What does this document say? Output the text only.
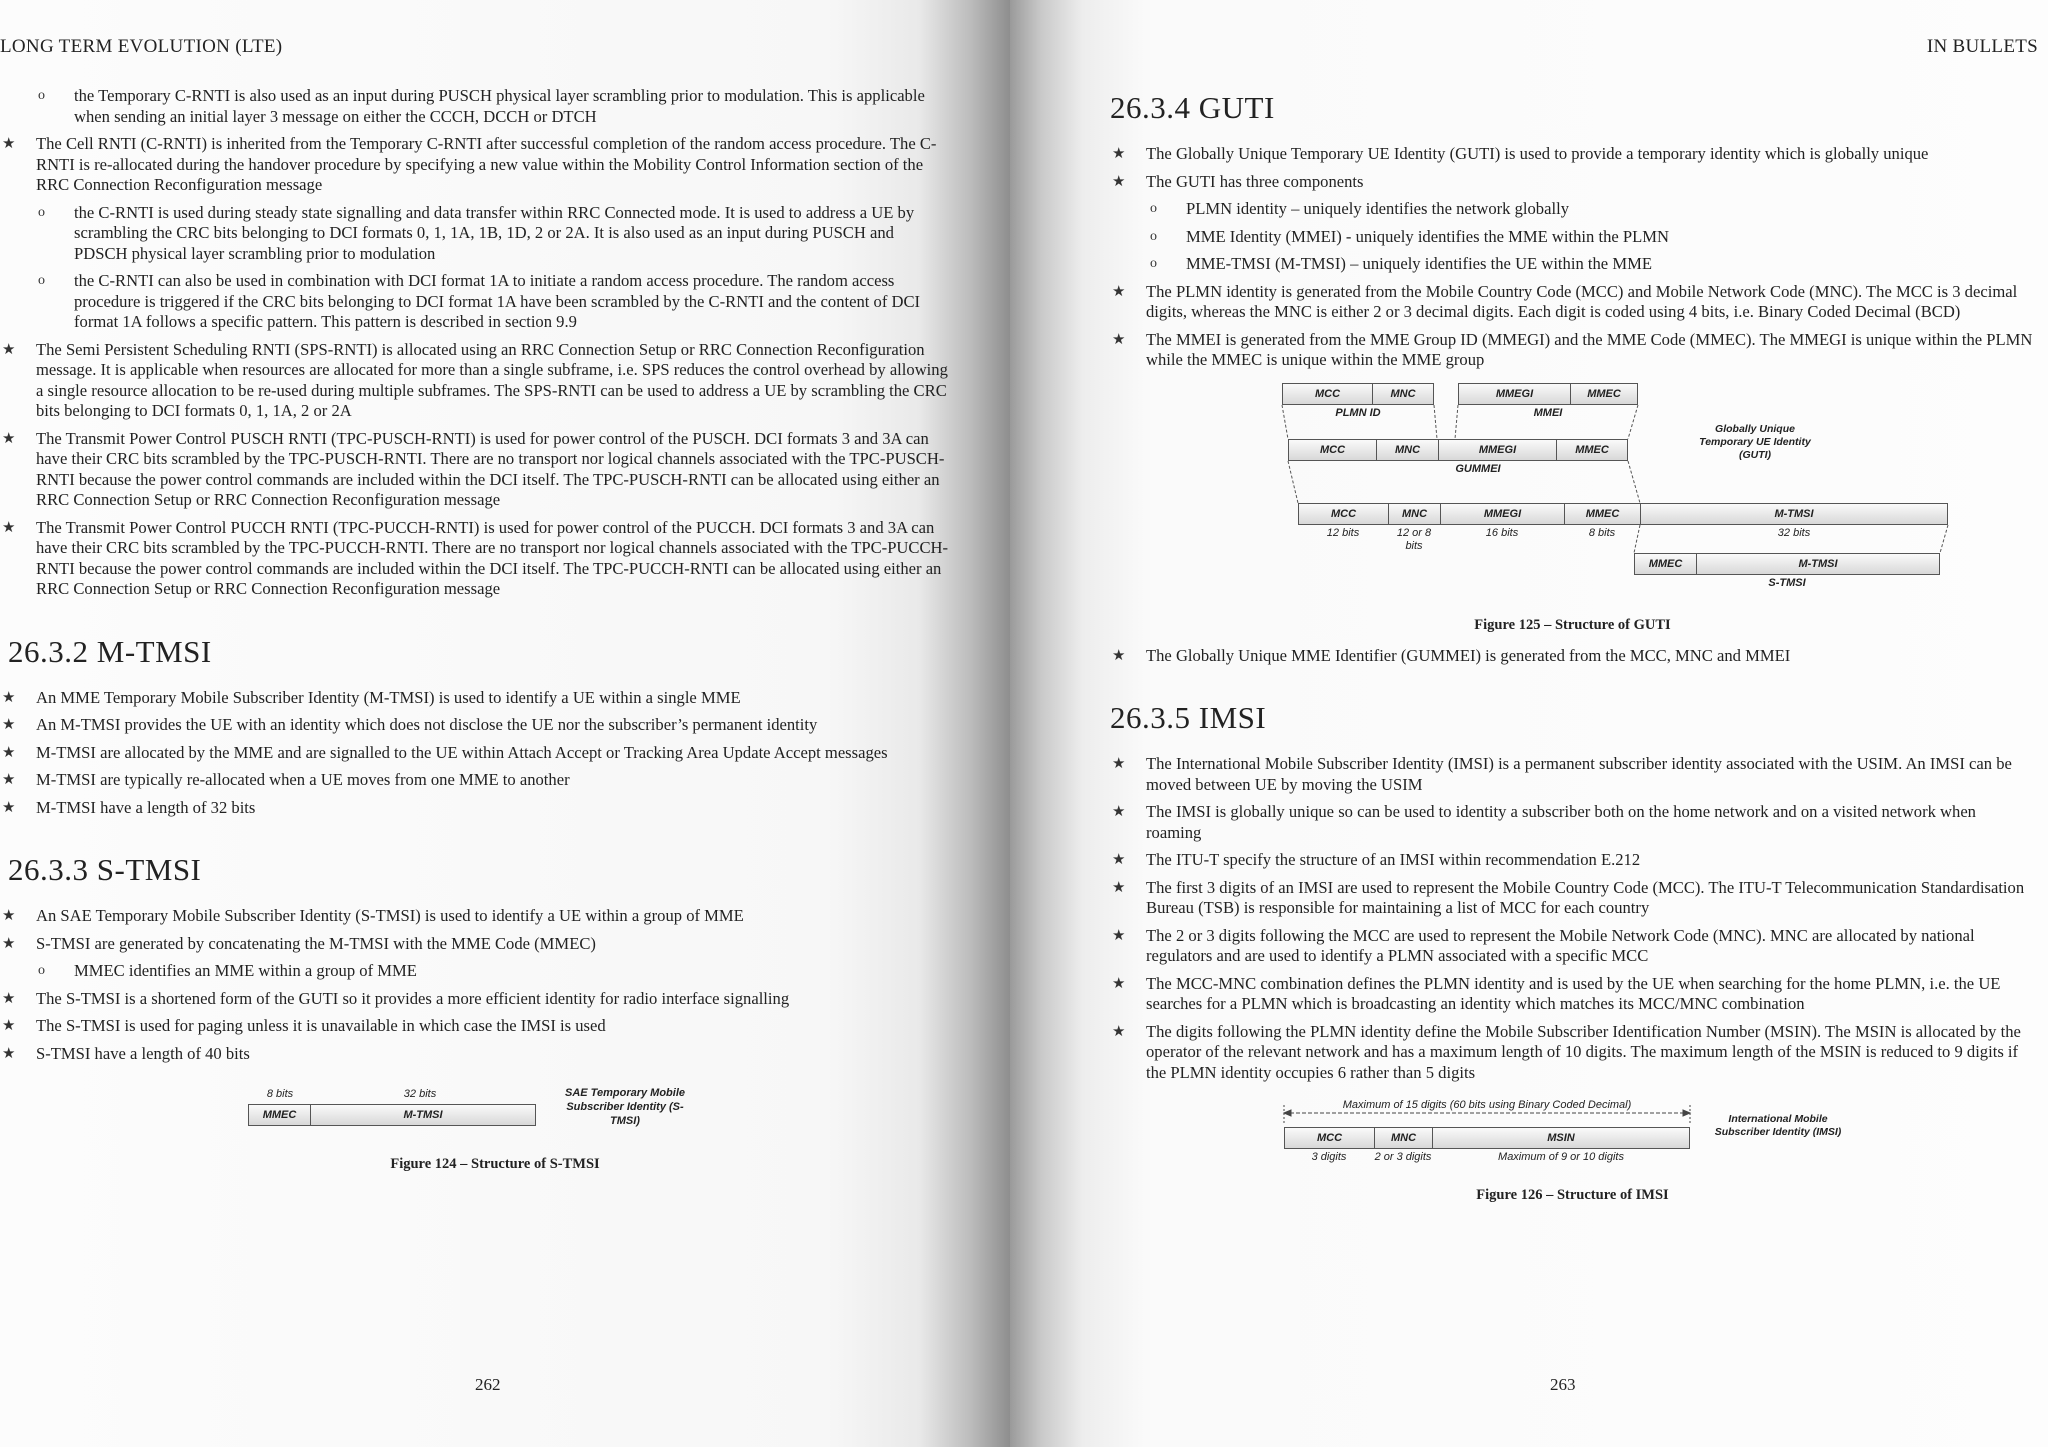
LONG TERM EVOLUTION (LTE)
o the Temporary C-RNTI is also used as an input during PUSCH physical layer scrambling prior to modulation. This is applicable when sending an initial layer 3 message on either the CCCH, DCCH or DTCH
★ The Cell RNTI (C-RNTI) is inherited from the Temporary C-RNTI after successful completion of the random access procedure. The C-RNTI is re-allocated during the handover procedure by specifying a new value within the Mobility Control Information section of the RRC Connection Reconfiguration message
o the C-RNTI is used during steady state signalling and data transfer within RRC Connected mode. It is used to address a UE by scrambling the CRC bits belonging to DCI formats 0, 1, 1A, 1B, 1D, 2 or 2A. It is also used as an input during PUSCH and PDSCH physical layer scrambling prior to modulation
o the C-RNTI can also be used in combination with DCI format 1A to initiate a random access procedure. The random access procedure is triggered if the CRC bits belonging to DCI format 1A have been scrambled by the C-RNTI and the content of DCI format 1A follows a specific pattern. This pattern is described in section 9.9
★ The Semi Persistent Scheduling RNTI (SPS-RNTI) is allocated using an RRC Connection Setup or RRC Connection Reconfiguration message. It is applicable when resources are allocated for more than a single subframe, i.e. SPS reduces the control overhead by allowing a single resource allocation to be re-used during multiple subframes. The SPS-RNTI can be used to address a UE by scrambling the CRC bits belonging to DCI formats 0, 1, 1A, 2 or 2A
★ The Transmit Power Control PUSCH RNTI (TPC-PUSCH-RNTI) is used for power control of the PUSCH. DCI formats 3 and 3A can have their CRC bits scrambled by the TPC-PUSCH-RNTI. There are no transport nor logical channels associated with the TPC-PUSCH-RNTI because the power control commands are included within the DCI itself. The TPC-PUSCH-RNTI can be allocated using either an RRC Connection Setup or RRC Connection Reconfiguration message
★ The Transmit Power Control PUCCH RNTI (TPC-PUCCH-RNTI) is used for power control of the PUCCH. DCI formats 3 and 3A can have their CRC bits scrambled by the TPC-PUCCH-RNTI. There are no transport nor logical channels associated with the TPC-PUCCH-RNTI because the power control commands are included within the DCI itself. The TPC-PUCCH-RNTI can be allocated using either an RRC Connection Setup or RRC Connection Reconfiguration message
26.3.2 M-TMSI
★ An MME Temporary Mobile Subscriber Identity (M-TMSI) is used to identify a UE within a single MME
★ An M-TMSI provides the UE with an identity which does not disclose the UE nor the subscriber’s permanent identity
★ M-TMSI are allocated by the MME and are signalled to the UE within Attach Accept or Tracking Area Update Accept messages
★ M-TMSI are typically re-allocated when a UE moves from one MME to another
★ M-TMSI have a length of 32 bits
26.3.3 S-TMSI
★ An SAE Temporary Mobile Subscriber Identity (S-TMSI) is used to identify a UE within a group of MME
★ S-TMSI are generated by concatenating the M-TMSI with the MME Code (MMEC)
o MMEC identifies an MME within a group of MME
★ The S-TMSI is a shortened form of the GUTI so it provides a more efficient identity for radio interface signalling
★ The S-TMSI is used for paging unless it is unavailable in which case the IMSI is used
★ S-TMSI have a length of 40 bits
8 bits	32 bits
MMEC	M-TMSI
SAE Temporary Mobile Subscriber Identity (S-TMSI)
Figure 124 – Structure of S-TMSI
262
IN BULLETS
26.3.4 GUTI
★ The Globally Unique Temporary UE Identity (GUTI) is used to provide a temporary identity which is globally unique
★ The GUTI has three components
o PLMN identity – uniquely identifies the network globally
o MME Identity (MMEI) - uniquely identifies the MME within the PLMN
o MME-TMSI (M-TMSI) – uniquely identifies the UE within the MME
★ The PLMN identity is generated from the Mobile Country Code (MCC) and Mobile Network Code (MNC). The MCC is 3 decimal digits, whereas the MNC is either 2 or 3 decimal digits. Each digit is coded using 4 bits, i.e. Binary Coded Decimal (BCD)
★ The MMEI is generated from the MME Group ID (MMEGI) and the MME Code (MMEC). The MMEGI is unique within the PLMN while the MMEC is unique within the MME group
MCC	MNC	MMEGI	MMEC
PLMN ID	MMEI
Globally Unique Temporary UE Identity (GUTI)
MCC	MNC	MMEGI	MMEC
GUMMEI
MCC	MNC	MMEGI	MMEC	M-TMSI
12 bits	12 or 8 bits
16 bits	8 bits	32 bits
MMEC	M-TMSI
S-TMSI
Figure 125 – Structure of GUTI
★ The Globally Unique MME Identifier (GUMMEI) is generated from the MCC, MNC and MMEI
26.3.5 IMSI
★ The International Mobile Subscriber Identity (IMSI) is a permanent subscriber identity associated with the USIM. An IMSI can be moved between UE by moving the USIM
★ The IMSI is globally unique so can be used to identity a subscriber both on the home network and on a visited network when roaming
★ The ITU-T specify the structure of an IMSI within recommendation E.212
★ The first 3 digits of an IMSI are used to represent the Mobile Country Code (MCC). The ITU-T Telecommunication Standardisation Bureau (TSB) is responsible for maintaining a list of MCC for each country
★ The 2 or 3 digits following the MCC are used to represent the Mobile Network Code (MNC). MNC are allocated by national regulators and are used to identify a PLMN associated with a specific MCC
★ The MCC-MNC combination defines the PLMN identity and is used by the UE when searching for the home PLMN, i.e. the UE searches for a PLMN which is broadcasting an identity which matches its MCC/MNC combination
★ The digits following the PLMN identity define the Mobile Subscriber Identification Number (MSIN). The MSIN is allocated by the operator of the relevant network and has a maximum length of 10 digits. The maximum length of the MSIN is reduced to 9 digits if the PLMN identity occupies 6 rather than 5 digits
Maximum of 15 digits (60 bits using Binary Coded Decimal)
MCC	MNC	MSIN
3 digits	2 or 3 digits	Maximum of 9 or 10 digits
International Mobile Subscriber Identity (IMSI)
Figure 126 – Structure of IMSI
263
